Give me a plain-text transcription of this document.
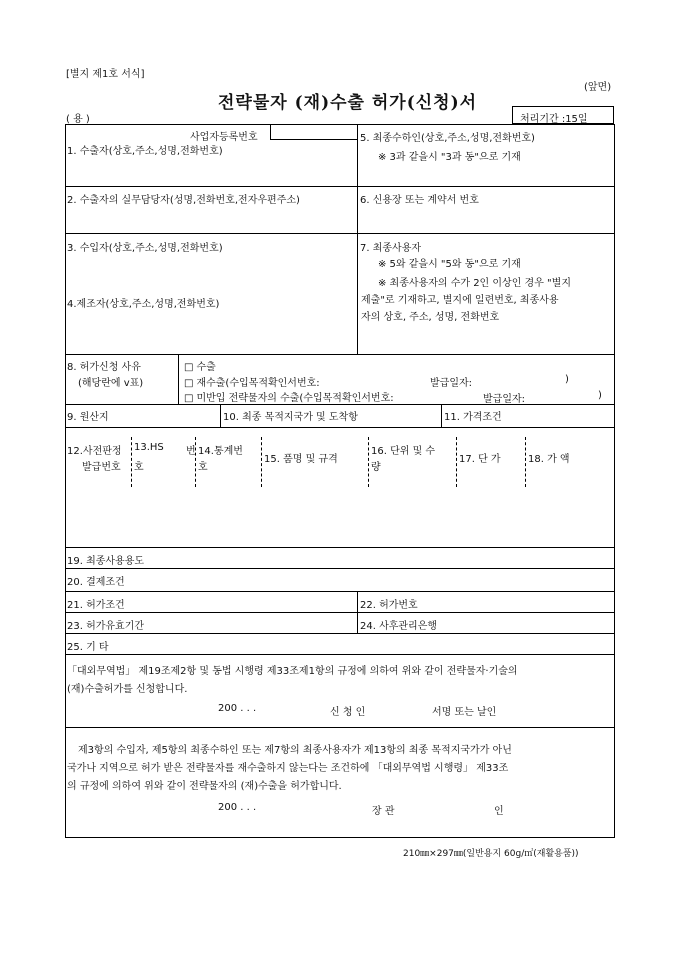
[별지 제1호 서식]
(앞면)
전략물자 (재)수출 허가(신청)서
( 용 )	처리기간 :15일
사업자등록번호
1. 수출자(상호,주소,성명,전화번호)
2. 수출자의 실무담당자(성명,전화번호,전자우편주소)
3. 수입자(상호,주소,성명,전화번호)
4.제조자(상호,주소,성명,전화번호)
5. 최종수하인(상호,주소,성명,전화번호)
※ 3과 같을시 "3과 동"으로 기재
6. 신용장 또는 계약서 번호
7. 최종사용자
※ 5와 같을시 "5와 동"으로 기재
※ 최종사용자의 수가 2인 이상인 경우 "별지
제출"로 기재하고, 별지에 일련번호, 최종사용
자의 상호, 주소, 성명, 전화번호
8. 허가신청 사유
(해당란에 v표)
□ 수출
□ 재수출(수입목적확인서번호:	발급일자:	)
□ 미반입 전략물자의 수출(수입목적확인서번호:	발급일자:	)
9. 원산지	10. 최종 목적지국가 및 도착항	11. 가격조건
12.사전판정
발급번호
13.HS 번
호
14.통계번
호
15. 품명 및 규격
16. 단위 및 수
량
17. 단 가	18. 가 액
19. 최종사용용도
20. 결제조건
21. 허가조건	22. 허가번호
23. 허가유효기간	24. 사후관리은행
25. 기 타
「대외무역법」 제19조제2항 및 동법 시행령 제33조제1항의 규정에 의하여 위와 같이 전략물자·기술의
(재)수출허가를 신청합니다.
200 . . .	신 청 인	서명 또는 날인
제3항의 수입자, 제5항의 최종수하인 또는 제7항의 최종사용자가 제13항의 최종 목적지국가가 아닌
국가나 지역으로 허가 받은 전략물자를 재수출하지 않는다는 조건하에 「대외무역법 시행령」 제33조
의 규정에 의하여 위와 같이 전략물자의 (재)수출을 허가합니다.
200 . . .	장 관	인
210㎜×297㎜(일반용지 60g/㎡(재활용품))
